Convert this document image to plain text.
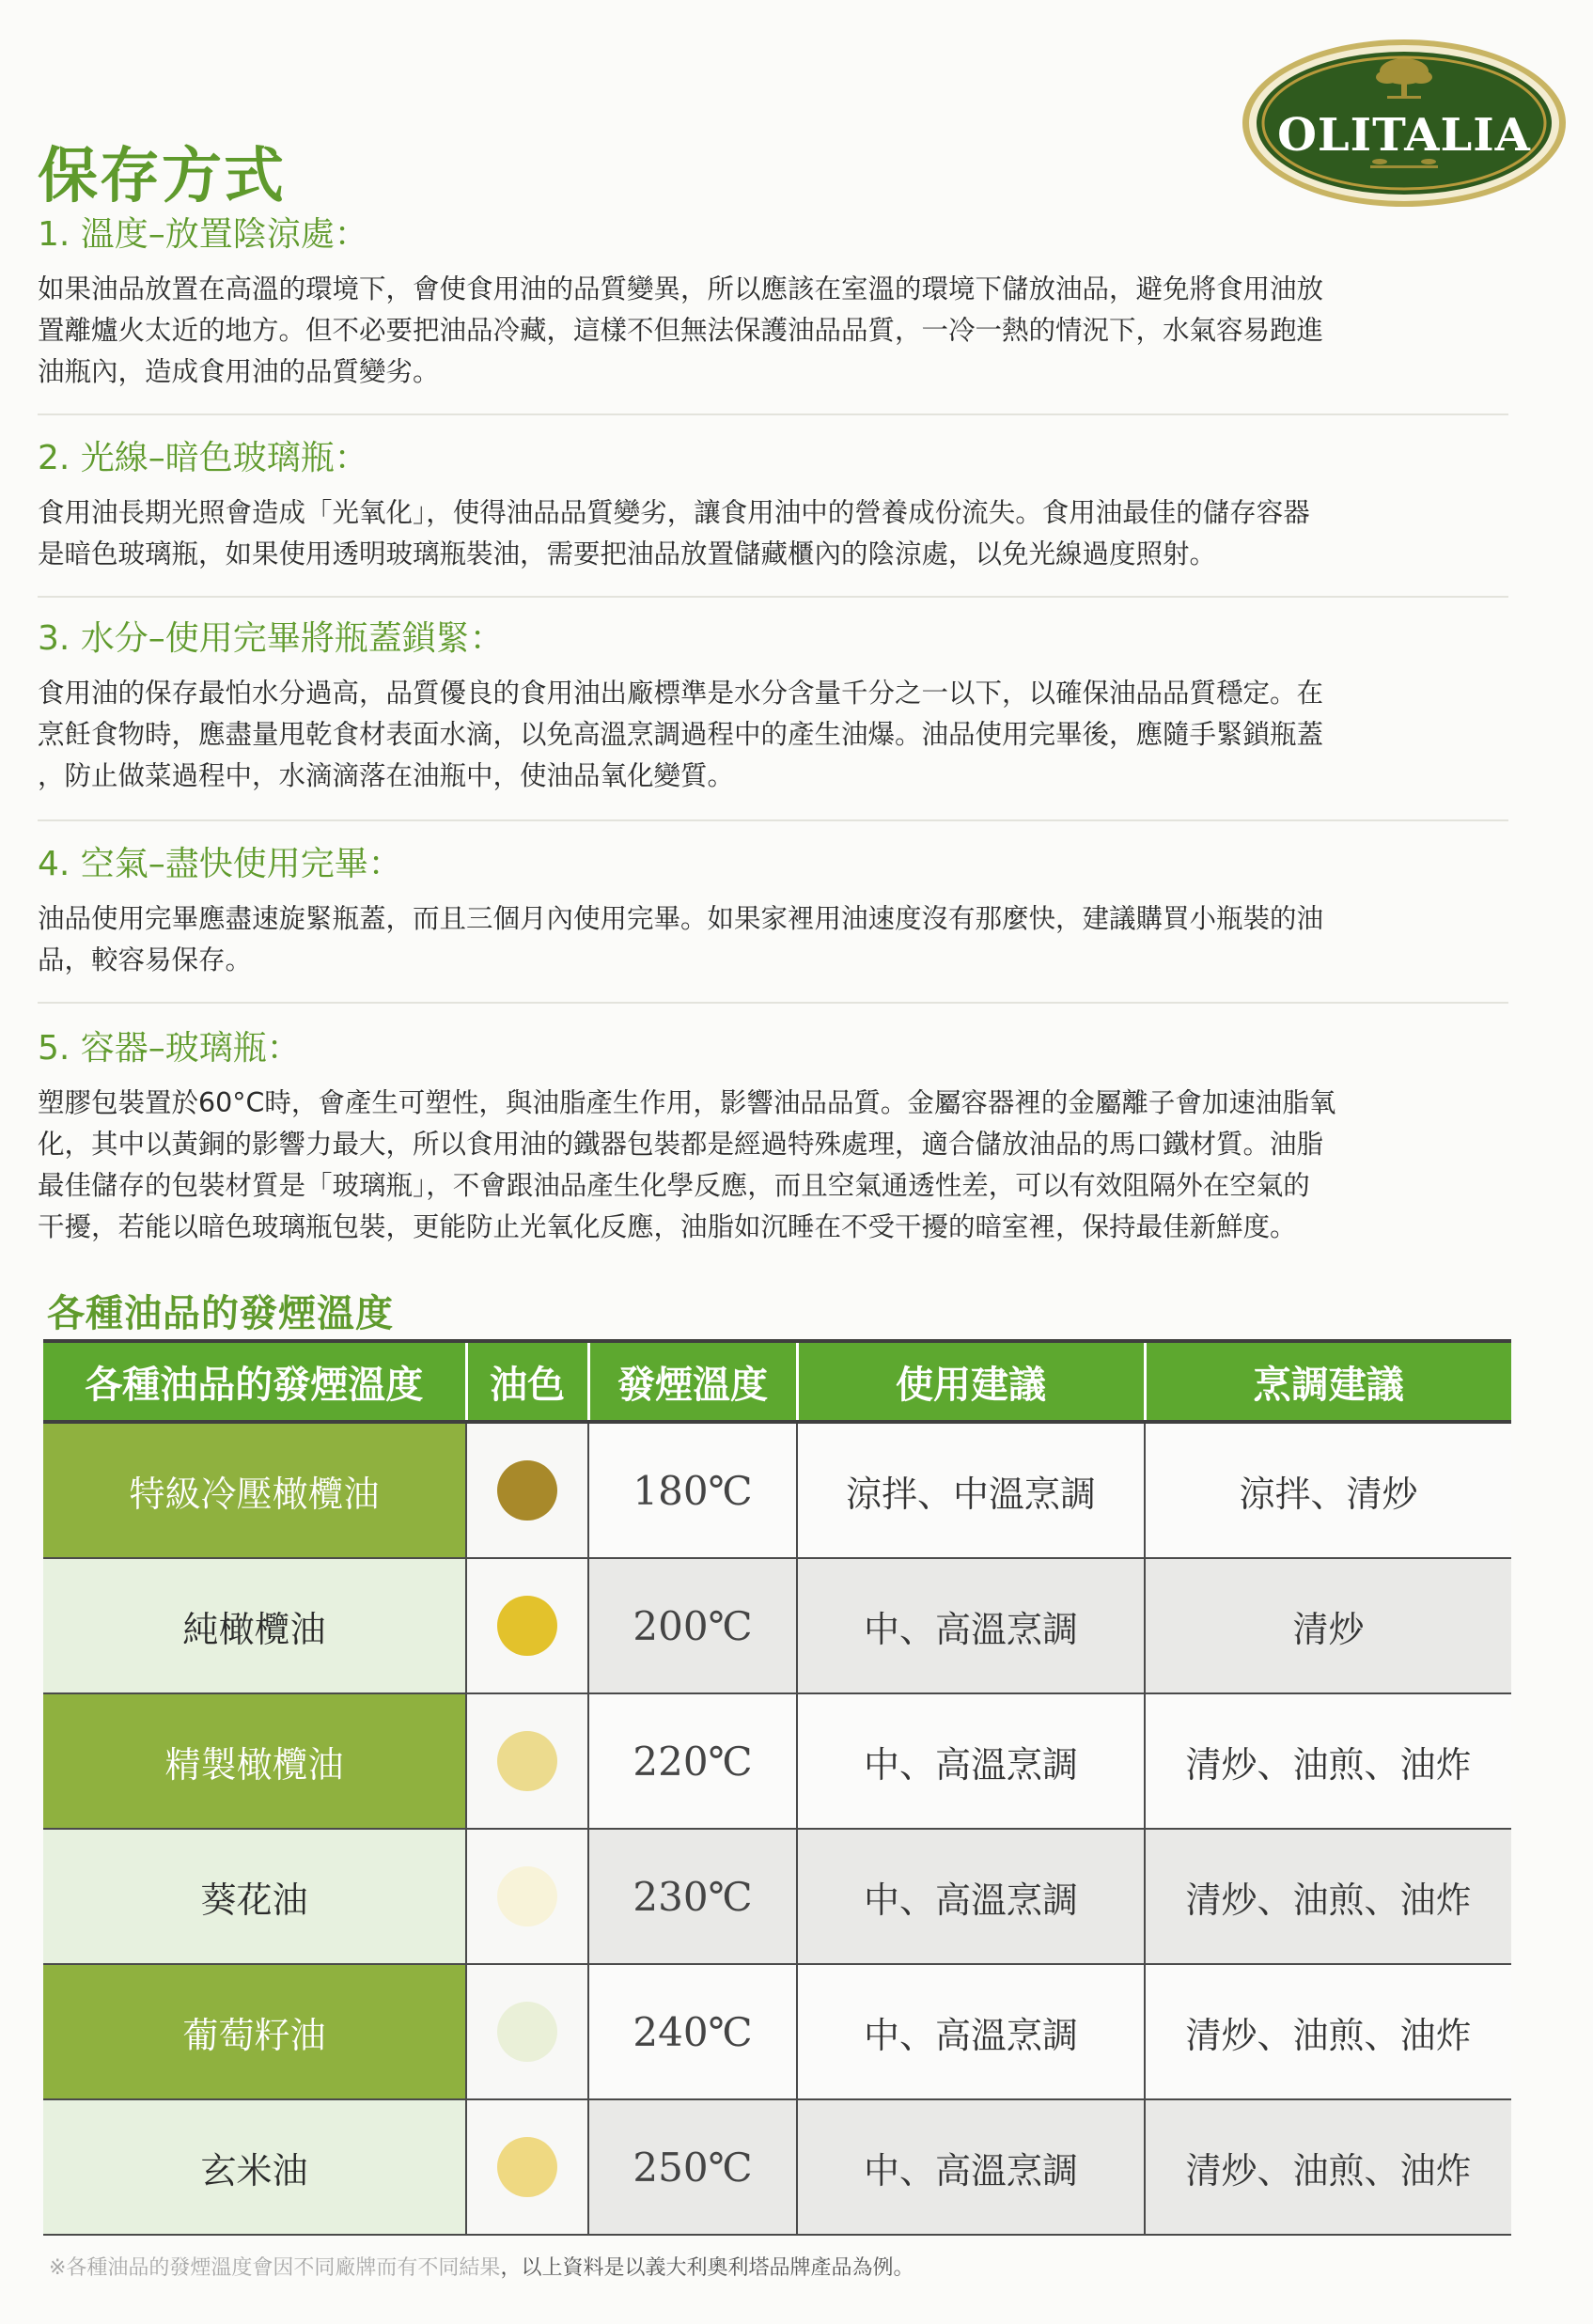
OLITALIA
保存方式
1. 溫度–放置陰涼處：

如果油品放置在高溫的環境下，會使食用油的品質變異，所以應該在室溫的環境下儲放油品，避免將食用油放
置離爐火太近的地方。但不必要把油品冷藏，這樣不但無法保護油品品質，一冷一熱的情況下，水氣容易跑進
油瓶內，造成食用油的品質變劣。

2. 光線–暗色玻璃瓶：

食用油長期光照會造成「光氧化」，使得油品品質變劣，讓食用油中的營養成份流失。食用油最佳的儲存容器
是暗色玻璃瓶，如果使用透明玻璃瓶裝油，需要把油品放置儲藏櫃內的陰涼處，以免光線過度照射。

3. 水分–使用完畢將瓶蓋鎖緊：

食用油的保存最怕水分過高，品質優良的食用油出廠標準是水分含量千分之一以下，以確保油品品質穩定。在
烹飪食物時，應盡量甩乾食材表面水滴，以免高溫烹調過程中的產生油爆。油品使用完畢後，應隨手緊鎖瓶蓋
，防止做菜過程中，水滴滴落在油瓶中，使油品氧化變質。

4. 空氣–盡快使用完畢：

油品使用完畢應盡速旋緊瓶蓋，而且三個月內使用完畢。如果家裡用油速度沒有那麼快，建議購買小瓶裝的油
品，較容易保存。

5. 容器–玻璃瓶：

塑膠包裝置於60°C時，會產生可塑性，與油脂產生作用，影響油品品質。金屬容器裡的金屬離子會加速油脂氧
化，其中以黃銅的影響力最大，所以食用油的鐵器包裝都是經過特殊處理，適合儲放油品的馬口鐵材質。油脂
最佳儲存的包裝材質是「玻璃瓶」，不會跟油品產生化學反應，而且空氣通透性差，可以有效阻隔外在空氣的
干擾，若能以暗色玻璃瓶包裝，更能防止光氧化反應，油脂如沉睡在不受干擾的暗室裡，保持最佳新鮮度。

各種油品的發煙溫度
各種油品的發煙溫度	油色	發煙溫度	使用建議	烹調建議
特級冷壓橄欖油		180℃	涼拌、中溫烹調	涼拌、清炒
純橄欖油		200℃	中、高溫烹調	清炒
精製橄欖油		220℃	中、高溫烹調	清炒、油煎、油炸
葵花油		230℃	中、高溫烹調	清炒、油煎、油炸
葡萄籽油		240℃	中、高溫烹調	清炒、油煎、油炸
玄米油		250℃	中、高溫烹調	清炒、油煎、油炸
※各種油品的發煙溫度會因不同廠牌而有不同結果，以上資料是以義大利奧利塔品牌產品為例。
